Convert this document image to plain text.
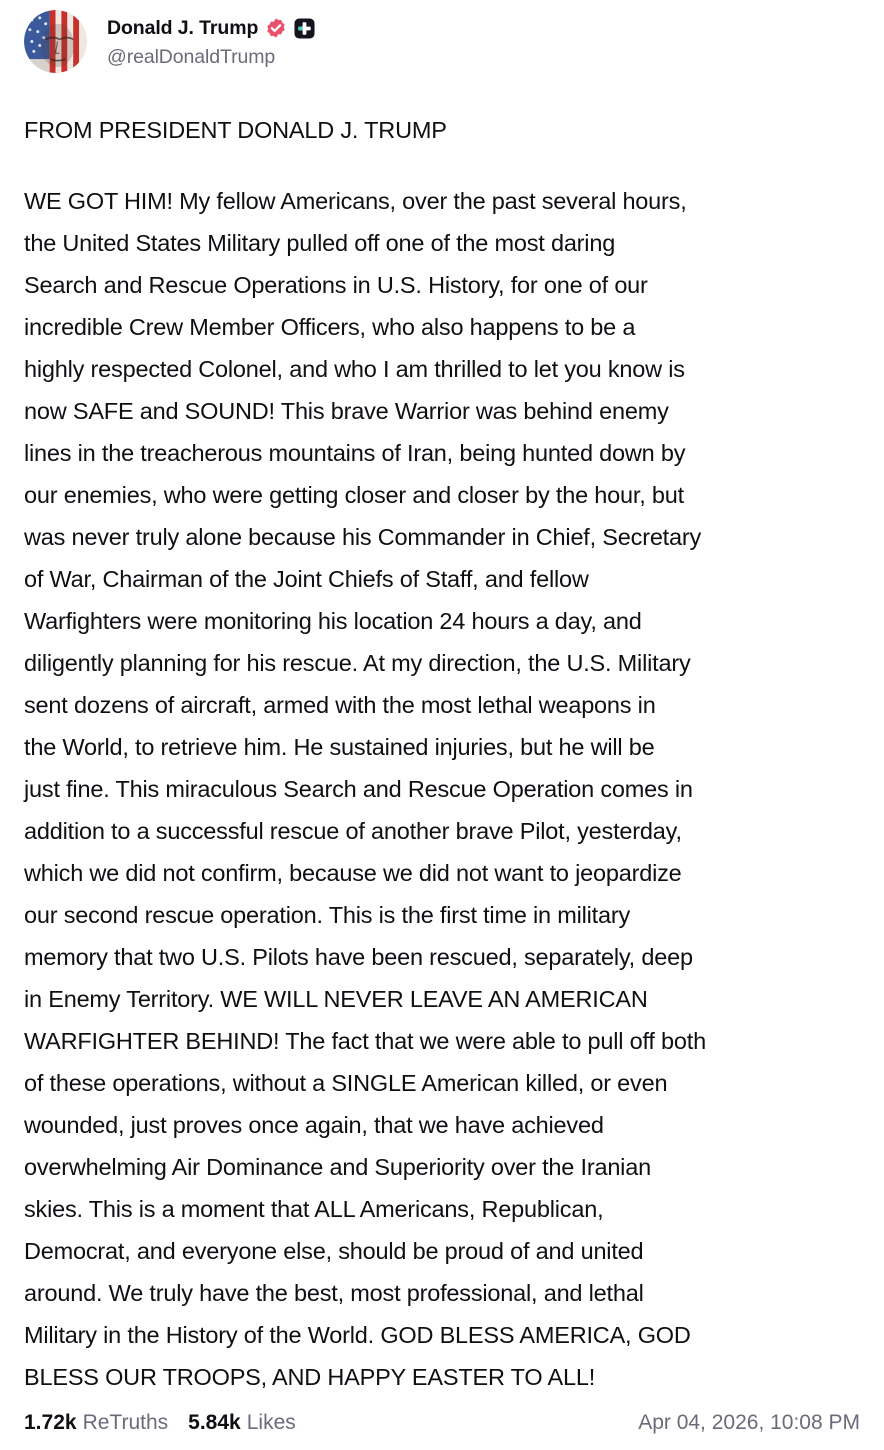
Donald J. Trump
@realDonaldTrump
FROM PRESIDENT DONALD J. TRUMP
WE GOT HIM! My fellow Americans, over the past several hours,
the United States Military pulled off one of the most daring
Search and Rescue Operations in U.S. History, for one of our
incredible Crew Member Officers, who also happens to be a
highly respected Colonel, and who I am thrilled to let you know is
now SAFE and SOUND! This brave Warrior was behind enemy
lines in the treacherous mountains of Iran, being hunted down by
our enemies, who were getting closer and closer by the hour, but
was never truly alone because his Commander in Chief, Secretary
of War, Chairman of the Joint Chiefs of Staff, and fellow
Warfighters were monitoring his location 24 hours a day, and
diligently planning for his rescue. At my direction, the U.S. Military
sent dozens of aircraft, armed with the most lethal weapons in
the World, to retrieve him. He sustained injuries, but he will be
just fine. This miraculous Search and Rescue Operation comes in
addition to a successful rescue of another brave Pilot, yesterday,
which we did not confirm, because we did not want to jeopardize
our second rescue operation. This is the first time in military
memory that two U.S. Pilots have been rescued, separately, deep
in Enemy Territory. WE WILL NEVER LEAVE AN AMERICAN
WARFIGHTER BEHIND! The fact that we were able to pull off both
of these operations, without a SINGLE American killed, or even
wounded, just proves once again, that we have achieved
overwhelming Air Dominance and Superiority over the Iranian
skies. This is a moment that ALL Americans, Republican,
Democrat, and everyone else, should be proud of and united
around. We truly have the best, most professional, and lethal
Military in the History of the World. GOD BLESS AMERICA, GOD
BLESS OUR TROOPS, AND HAPPY EASTER TO ALL!
1.72k ReTruths 5.84k Likes	Apr 04, 2026, 10:08 PM
